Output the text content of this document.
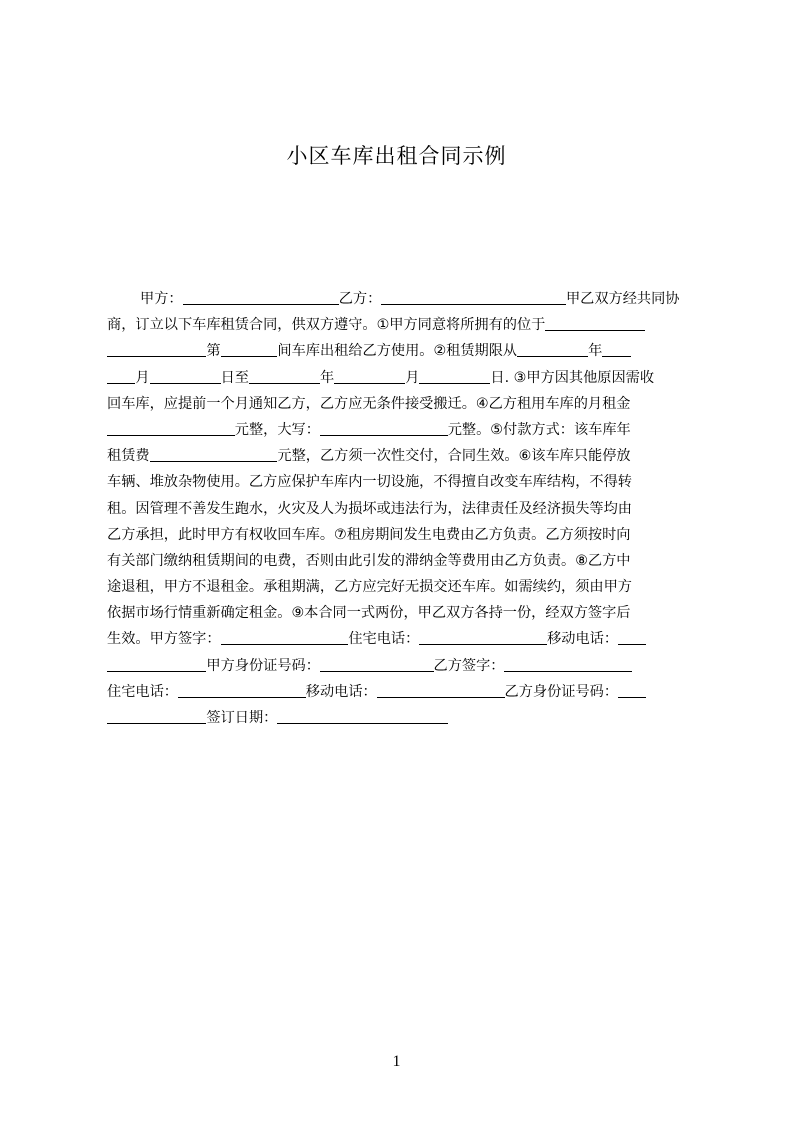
小区车库出租合同示例
甲方：	乙方：	甲乙双方经共同协
商，订立以下车库租赁合同，供双方遵守。①甲方同意将所拥有的位于
第	间车库出租给乙方使用。②租赁期限从	年
月	日至	年	月	日. ③甲方因其他原因需收
回车库，应提前一个月通知乙方，乙方应无条件接受搬迁。④乙方租用车库的月租金
元整，大写：	元整。⑤付款方式：该车库年
租赁费	元整，乙方须一次性交付，合同生效。⑥该车库只能停放
车辆、堆放杂物使用。乙方应保护车库内一切设施，不得擅自改变车库结构，不得转
租。因管理不善发生跑水，火灾及人为损坏或违法行为，法律责任及经济损失等均由
乙方承担，此时甲方有权收回车库。⑦租房期间发生电费由乙方负责。乙方须按时向
有关部门缴纳租赁期间的电费，否则由此引发的滞纳金等费用由乙方负责。⑧乙方中
途退租，甲方不退租金。承租期满，乙方应完好无损交还车库。如需续约，须由甲方
依据市场行情重新确定租金。⑨本合同一式两份，甲乙双方各持一份，经双方签字后
生效。甲方签字：	住宅电话：	移动电话：
甲方身份证号码：	乙方签字：
住宅电话：	移动电话：	乙方身份证号码：
签订日期：
1
